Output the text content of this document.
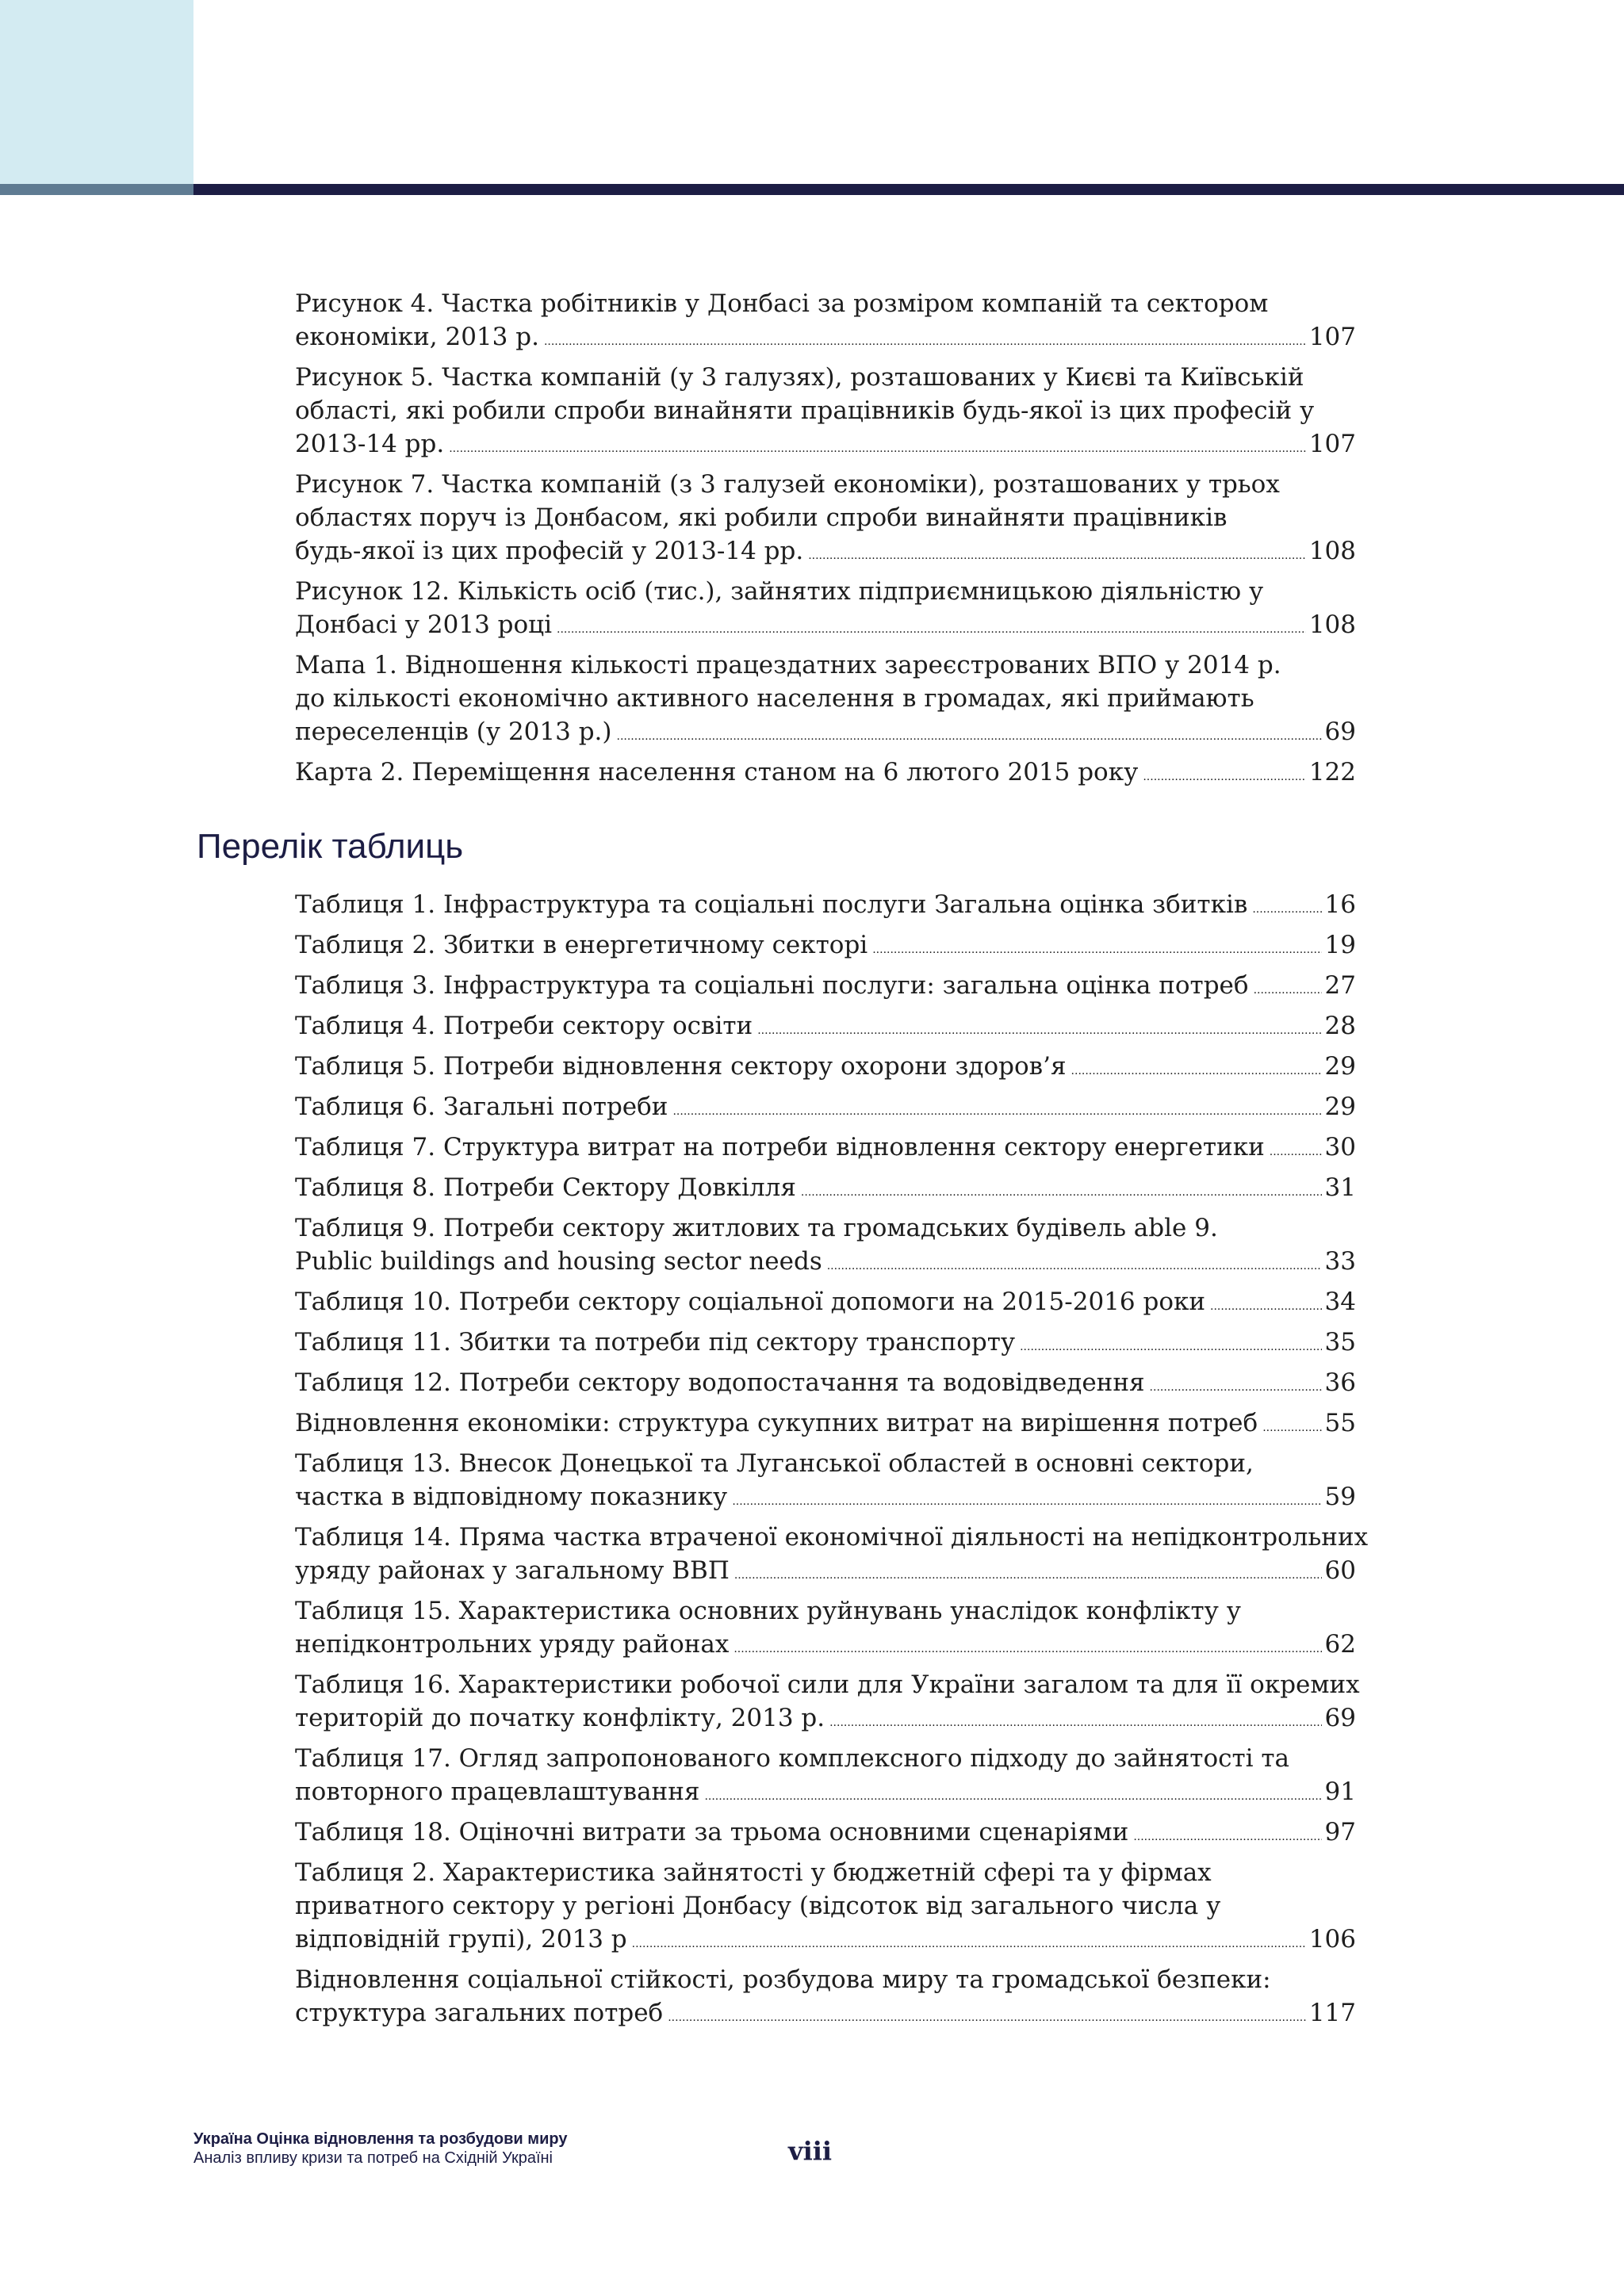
Рисунок 4. Частка робітників у Донбасі за розміром компаній та сектором
економіки, 2013 р. .....	107
Рисунок 5. Частка компаній (у 3 галузях), розташованих у Києві та Київській
області, які робили спроби винайняти працівників будь-якої із цих професій у
2013-14 рр. .....	107
Рисунок 7. Частка компаній (з 3 галузей економіки), розташованих у трьох
областях поруч із Донбасом, які робили спроби винайняти працівників
будь-якої із цих професій у 2013-14 рр. .....	108
Рисунок 12. Кількість осіб (тис.), зайнятих підприємницькою діяльністю у
Донбасі у 2013 році .....	108
Мапа 1. Відношення кількості працездатних зареєстрованих ВПО у 2014 р.
до кількості економічно активного населення в громадах, які приймають
переселенців (у 2013 р.) .....	69
Карта 2. Переміщення населення станом на 6 лютого 2015 року .....	122
Перелік таблиць
Таблиця 1. Інфраструктура та соціальні послуги Загальна оцінка збитків .....	16
Таблиця 2. Збитки в енергетичному секторі .....	19
Таблиця 3. Інфраструктура та соціальні послуги: загальна оцінка потреб .....	27
Таблиця 4. Потреби сектору освіти .....	28
Таблиця 5. Потреби відновлення сектору охорони здоров’я .....	29
Таблиця 6. Загальні потреби .....	29
Таблиця 7. Структура витрат на потреби відновлення сектору енергетики ..... 30
Таблиця 8. Потреби Сектору Довкілля .....	31
Таблиця 9. Потреби сектору житлових та громадських будівель able 9.
Public buildings and housing sector needs .....	33
Таблиця 10. Потреби сектору соціальної допомоги на 2015-2016 роки .....	34
Таблиця 11. Збитки та потреби під сектору транспорту .....	35
Таблиця 12. Потреби сектору водопостачання та водовідведення .....	36
Відновлення економіки: структура сукупних витрат на вирішення потреб .....	55
Таблиця 13. Внесок Донецької та Луганської областей в основні сектори,
частка в відповідному показнику .....	59
Таблиця 14. Пряма частка втраченої економічної діяльності на непідконтрольних
уряду районах у загальному ВВП .....	60
Таблиця 15. Характеристика основних руйнувань унаслідок конфлікту у
непідконтрольних уряду районах .....	62
Таблиця 16. Характеристики робочої сили для України загалом та для її окремих
територій до початку конфлікту, 2013 р. .....	69
Таблиця 17. Огляд запропонованого комплексного підходу до зайнятості та
повторного працевлаштування .....	91
Таблиця 18. Оціночні витрати за трьома основними сценаріями .....	97
Таблиця 2. Характеристика зайнятості у бюджетній сфері та у фірмах
приватного сектору у регіоні Донбасу (відсоток від загального числа у
відповідній групі), 2013 р .....	106
Відновлення соціальної стійкості, розбудова миру та громадської безпеки:
структура загальних потреб .....	117
Україна Оцінка відновлення та розбудови миру
Аналіз впливу кризи та потреб на Східній Україні	viii
